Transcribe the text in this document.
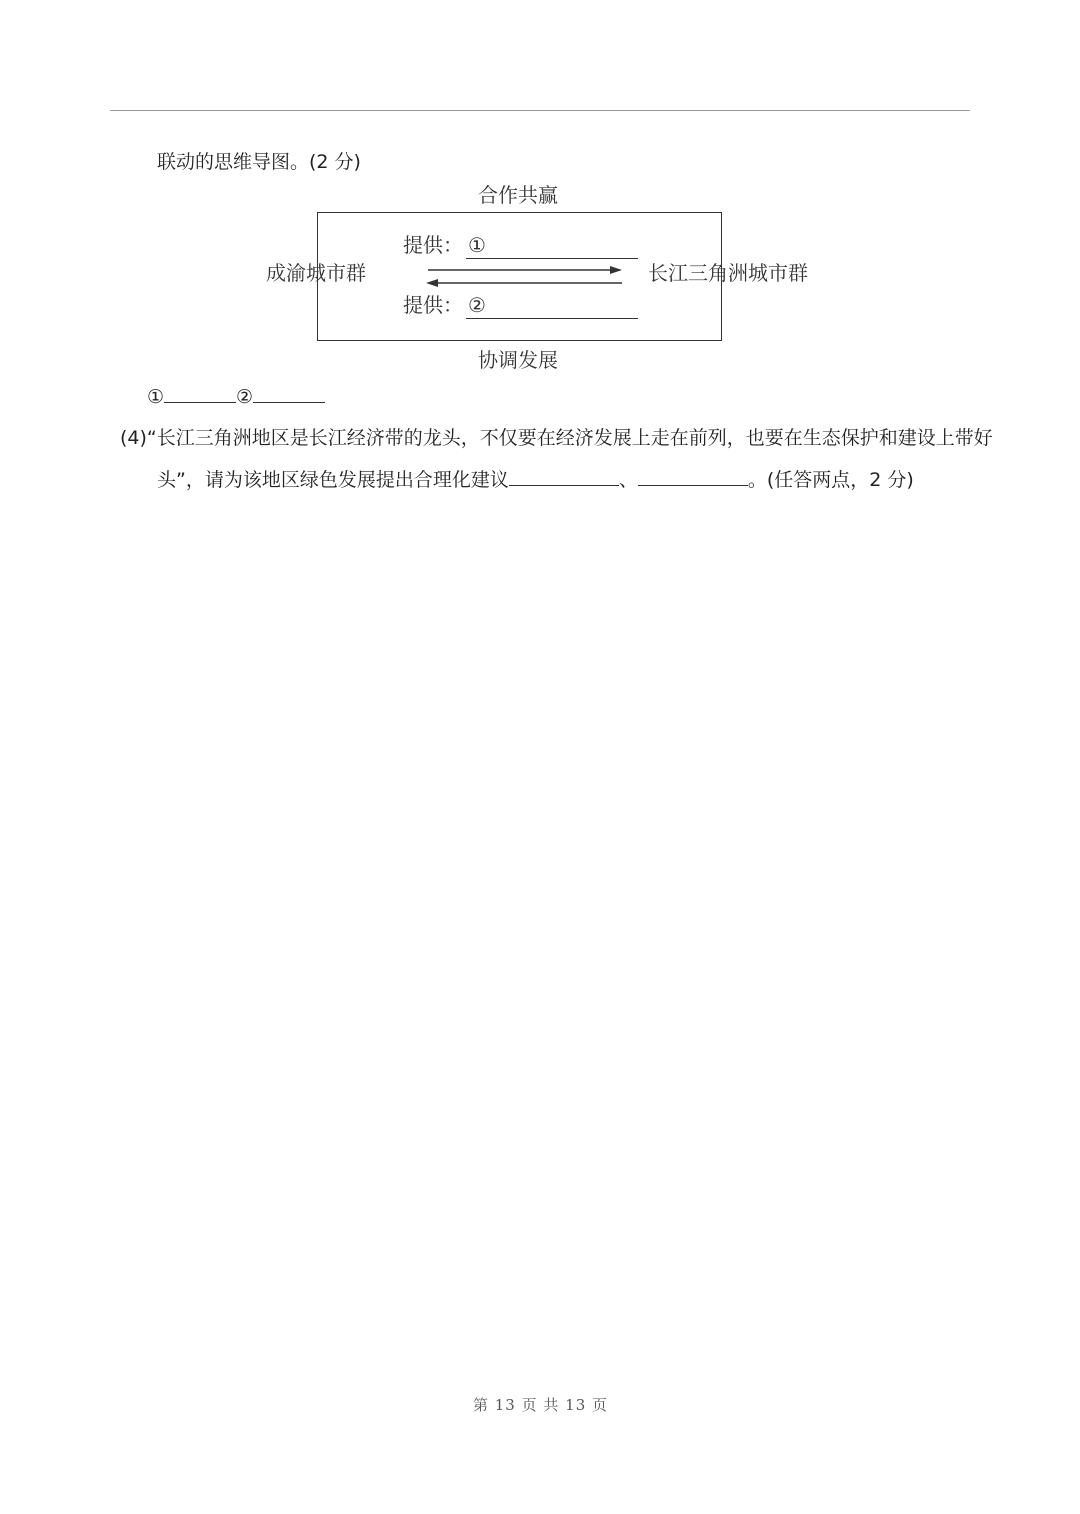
联动的思维导图。(2 分)
合作共赢
成渝城市群	长江三角洲城市群
提供： ①
提供： ②
协调发展
①	②
(4)“长江三角洲地区是长江经济带的龙头，不仅要在经济发展上走在前列，也要在生态保护和建设上带好
头”，请为该地区绿色发展提出合理化建议	、	。(任答两点，2 分)
第 13 页 共 13 页
